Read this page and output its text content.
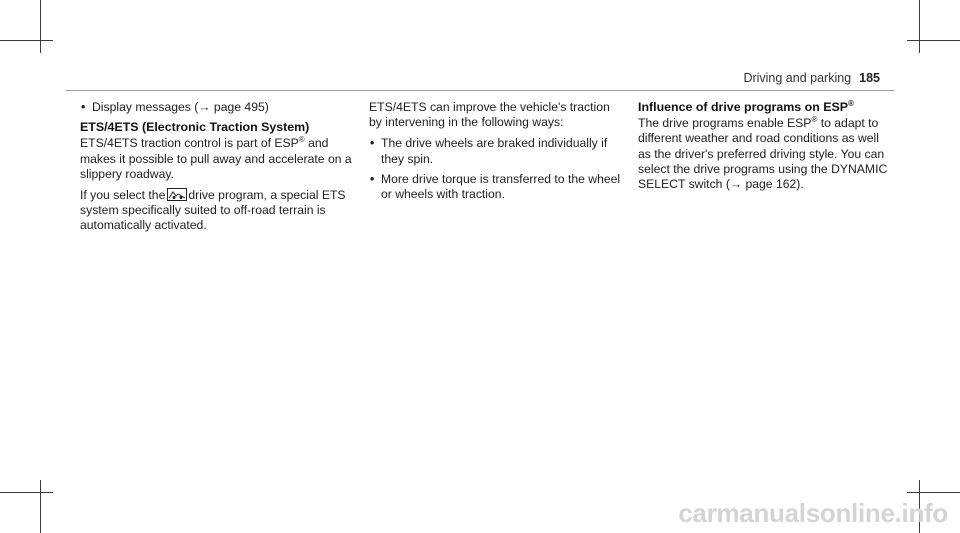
Driving and parking 185
• Display messages (→ page 495)
ETS/4ETS (Electronic Traction System)

ETS/4ETS traction control is part of ESP® and makes it possible to pull away and accelerate on a slippery roadway.

If you select the drive program, a special ETS system specifically suited to off-road terrain is automatically activated.

ETS/4ETS can improve the vehicle's traction by intervening in the following ways:

• The drive wheels are braked individually if they spin.
• More drive torque is transferred to the wheel or wheels with traction.
Influence of drive programs on ESP®

The drive programs enable ESP® to adapt to different weather and road conditions as well as the driver's preferred driving style. You can select the drive programs using the DYNAMIC SELECT switch (→ page 162).

carmanualsonline.info
